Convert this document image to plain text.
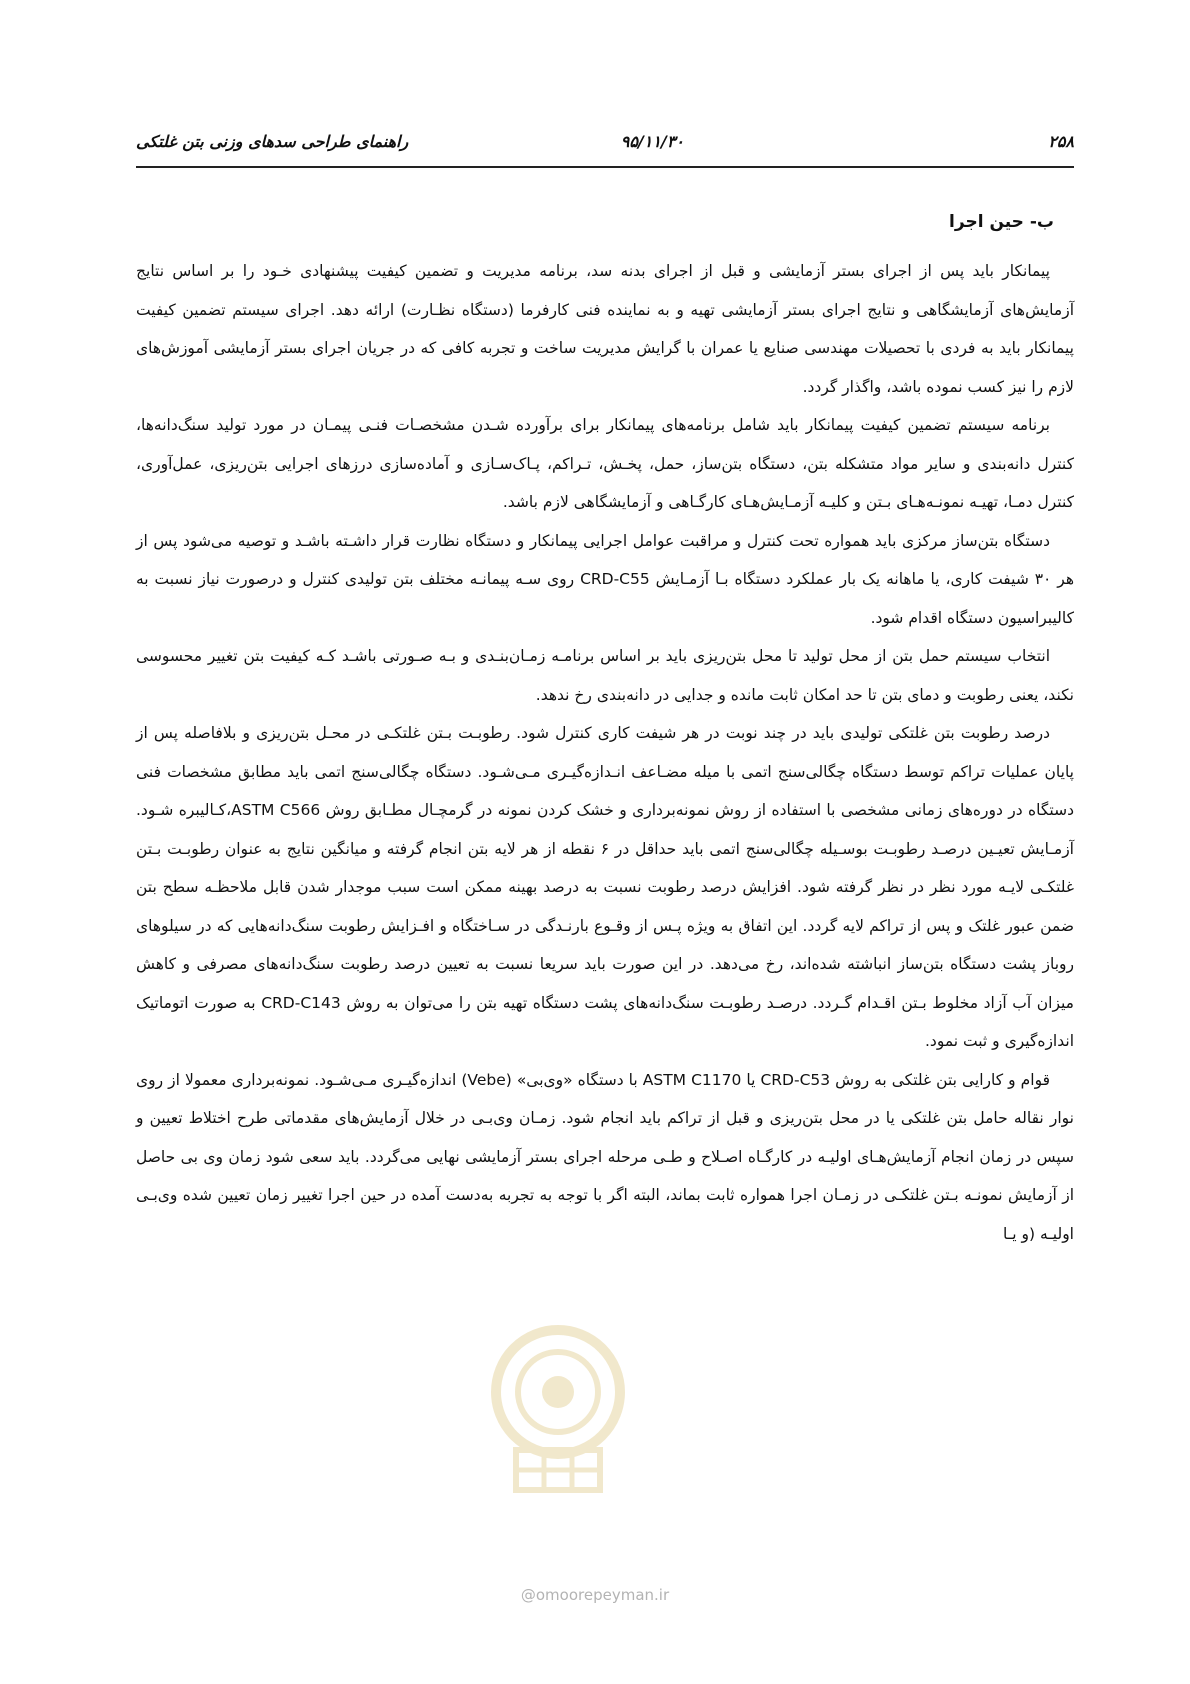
۲۵۸
۹۵/۱۱/۳۰
راهنمای طراحی سدهای وزنی بتن غلتکی
ب- حین اجرا

پیمانکار باید پس از اجرای بستر آزمایشی و قبل از اجرای بدنه سد، برنامه مدیریت و تضمین کیفیت پیشنهادی خـود را بر اساس نتایج آزمایش‌های آزمایشگاهی و نتایج اجرای بستر آزمایشی تهیه و به نماینده فنی کارفرما (دستگاه نظـارت) ارائه دهد. اجرای سیستم تضمین کیفیت پیمانکار باید به فردی با تحصیلات مهندسی صنایع یا عمران با گرایش مدیریت ساخت و تجربه کافی که در جریان اجرای بستر آزمایشی آموزش‌های لازم را نیز کسب نموده باشد، واگذار گردد.

برنامه سیستم تضمین کیفیت پیمانکار باید شامل برنامه‌های پیمانکار برای برآورده شـدن مشخصـات فنـی پیمـان در مورد تولید سنگ‌دانه‌ها، کنترل دانه‌بندی و سایر مواد متشکله بتن، دستگاه بتن‌ساز، حمل، پخـش، تـراکم، پـاک‌سـازی و آماده‌سازی درزهای اجرایی بتن‌ریزی، عمل‌آوری، کنترل دمـا، تهیـه نمونـه‌هـای بـتن و کلیـه آزمـایش‌هـای کارگـاهی و آزمایشگاهی لازم باشد.

دستگاه بتن‌ساز مرکزی باید همواره تحت کنترل و مراقبت عوامل اجرایی پیمانکار و دستگاه نظارت قرار داشـته باشـد و توصیه می‌شود پس از هر ۳۰ شیفت کاری، یا ماهانه یک بار عملکرد دستگاه بـا آزمـایش CRD-C55 روی سـه پیمانـه مختلف بتن تولیدی کنترل و درصورت نیاز نسبت به کالیبراسیون دستگاه اقدام شود.

انتخاب سیستم حمل بتن از محل تولید تا محل بتن‌ریزی باید بر اساس برنامـه زمـان‌بنـدی و بـه صـورتی باشـد کـه کیفیت بتن تغییر محسوسی نکند، یعنی رطوبت و دمای بتن تا حد امکان ثابت مانده و جدایی در دانه‌بندی رخ ندهد.

درصد رطوبت بتن غلتکی تولیدی باید در چند نوبت در هر شیفت کاری کنترل شود. رطوبـت بـتن غلتکـی در محـل بتن‌ریزی و بلافاصله پس از پایان عملیات تراکم توسط دستگاه چگالی‌سنج اتمی با میله مضـاعف انـدازه‌گیـری مـی‌شـود. دستگاه چگالی‌سنج اتمی باید مطابق مشخصات فنی دستگاه در دوره‌های زمانی مشخصی با استفاده از روش نمونه‌برداری و خشک کردن نمونه در گرمچـال مطـابق روش ASTM C566،کـالیبره شـود. آزمـایش تعیـین درصـد رطوبـت بوسـیله چگالی‌سنج اتمی باید حداقل در ۶ نقطه از هر لایه بتن انجام گرفته و میانگین نتایج به عنوان رطوبـت بـتن غلتکـی لایـه مورد نظر در نظر گرفته شود. افزایش درصد رطوبت نسبت به درصد بهینه ممکن است سبب موجدار شدن قابل ملاحظـه سطح بتن ضمن عبور غلتک و پس از تراکم لایه گردد. این اتفاق به ویژه پـس از وقـوع بارنـدگی در سـاختگاه و افـزایش رطوبت سنگ‌دانه‌هایی که در سیلوهای روباز پشت دستگاه بتن‌ساز انباشته شده‌اند، رخ می‌دهد. در این صورت باید سریعا نسبت به تعیین درصد رطوبت سنگ‌دانه‌های مصرفی و کاهش میزان آب آزاد مخلوط بـتن اقـدام گـردد. درصـد رطوبـت سنگ‌دانه‌های پشت دستگاه تهیه بتن را می‌توان به روش CRD-C143 به صورت اتوماتیک اندازه‌گیری و ثبت نمود.

قوام و کارایی بتن غلتکی به روش CRD-C53 یا ASTM C1170 با دستگاه «وی‌بی» (Vebe) اندازه‌گیـری مـی‌شـود. نمونه‌برداری معمولا از روی نوار نقاله حامل بتن غلتکی یا در محل بتن‌ریزی و قبل از تراکم باید انجام شود. زمـان وی‌بـی در خلال آزمایش‌های مقدماتی طرح اختلاط تعیین و سپس در زمان انجام آزمایش‌هـای اولیـه در کارگـاه اصـلاح و طـی مرحله اجرای بستر آزمایشی نهایی می‌گردد. باید سعی شود زمان وی بی حاصل از آزمایش نمونـه بـتن غلتکـی در زمـان اجرا همواره ثابت بماند، البته اگر با توجه به تجربه به‌دست آمده در حین اجرا تغییر زمان تعیین شده وی‌بـی اولیـه (و یـا

@omoorepeyman.ir
